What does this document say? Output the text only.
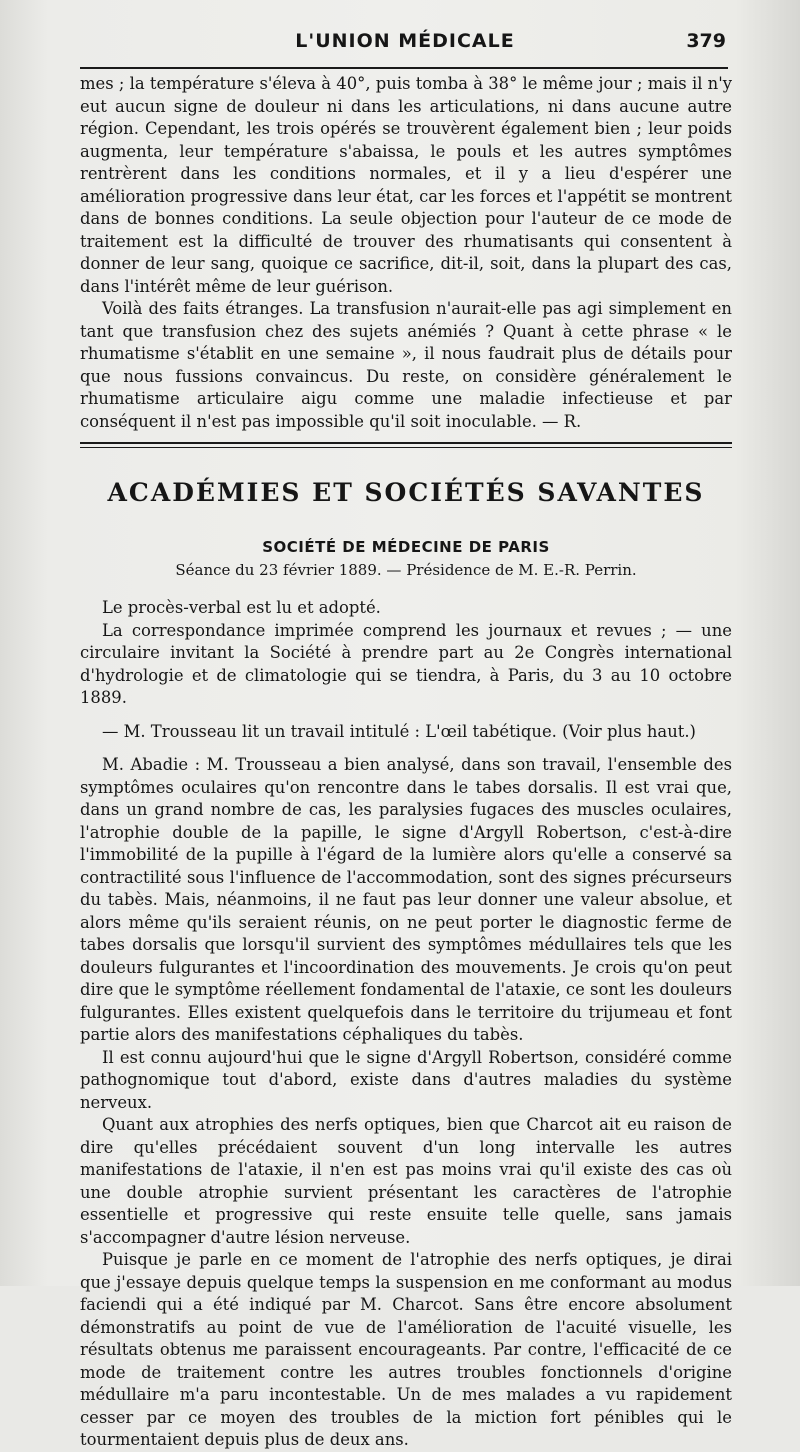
L'UNION MÉDICALE	379

mes ; la température s'éleva à 40°, puis tomba à 38° le même jour ; mais il n'y eut aucun signe de douleur ni dans les articulations, ni dans aucune autre région. Cependant, les trois opérés se trouvèrent également bien ; leur poids augmenta, leur température s'abaissa, le pouls et les autres symptômes rentrèrent dans les conditions normales, et il y a lieu d'espérer une amélioration progressive dans leur état, car les forces et l'appétit se montrent dans de bonnes conditions. La seule objection pour l'auteur de ce mode de traitement est la difficulté de trouver des rhumatisants qui consentent à donner de leur sang, quoique ce sacrifice, dit-il, soit, dans la plupart des cas, dans l'intérêt même de leur guérison.

Voilà des faits étranges. La transfusion n'aurait-elle pas agi simplement en tant que transfusion chez des sujets anémiés ? Quant à cette phrase « le rhumatisme s'établit en une semaine », il nous faudrait plus de détails pour que nous fussions convaincus. Du reste, on considère généralement le rhumatisme articulaire aigu comme une maladie infectieuse et par conséquent il n'est pas impossible qu'il soit inoculable. — R.

ACADÉMIES ET SOCIÉTÉS SAVANTES
SOCIÉTÉ DE MÉDECINE DE PARIS
Séance du 23 février 1889. — Présidence de M. E.-R. Perrin.

Le procès-verbal est lu et adopté.

La correspondance imprimée comprend les journaux et revues ; — une circulaire invitant la Société à prendre part au 2e Congrès international d'hydrologie et de climatologie qui se tiendra, à Paris, du 3 au 10 octobre 1889.

— M. Trousseau lit un travail intitulé : L'œil tabétique. (Voir plus haut.)

M. Abadie : M. Trousseau a bien analysé, dans son travail, l'ensemble des symptômes oculaires qu'on rencontre dans le tabes dorsalis. Il est vrai que, dans un grand nombre de cas, les paralysies fugaces des muscles oculaires, l'atrophie double de la papille, le signe d'Argyll Robertson, c'est-à-dire l'immobilité de la pupille à l'égard de la lumière alors qu'elle a conservé sa contractilité sous l'influence de l'accommodation, sont des signes précurseurs du tabès. Mais, néanmoins, il ne faut pas leur donner une valeur absolue, et alors même qu'ils seraient réunis, on ne peut porter le diagnostic ferme de tabes dorsalis que lorsqu'il survient des symptômes médullaires tels que les douleurs fulgurantes et l'incoordination des mouvements. Je crois qu'on peut dire que le symptôme réellement fondamental de l'ataxie, ce sont les douleurs fulgurantes. Elles existent quelquefois dans le territoire du trijumeau et font partie alors des manifestations céphaliques du tabès.

Il est connu aujourd'hui que le signe d'Argyll Robertson, considéré comme pathognomique tout d'abord, existe dans d'autres maladies du système nerveux.

Quant aux atrophies des nerfs optiques, bien que Charcot ait eu raison de dire qu'elles précédaient souvent d'un long intervalle les autres manifestations de l'ataxie, il n'en est pas moins vrai qu'il existe des cas où une double atrophie survient présentant les caractères de l'atrophie essentielle et progressive qui reste ensuite telle quelle, sans jamais s'accompagner d'autre lésion nerveuse.

Puisque je parle en ce moment de l'atrophie des nerfs optiques, je dirai que j'essaye depuis quelque temps la suspension en me conformant au modus faciendi qui a été indiqué par M. Charcot. Sans être encore absolument démonstratifs au point de vue de l'amélioration de l'acuité visuelle, les résultats obtenus me paraissent encourageants. Par contre, l'efficacité de ce mode de traitement contre les autres troubles fonctionnels d'origine médullaire m'a paru incontestable. Un de mes malades a vu rapidement cesser par ce moyen des troubles de la miction fort pénibles qui le tourmentaient depuis plus de deux ans.
